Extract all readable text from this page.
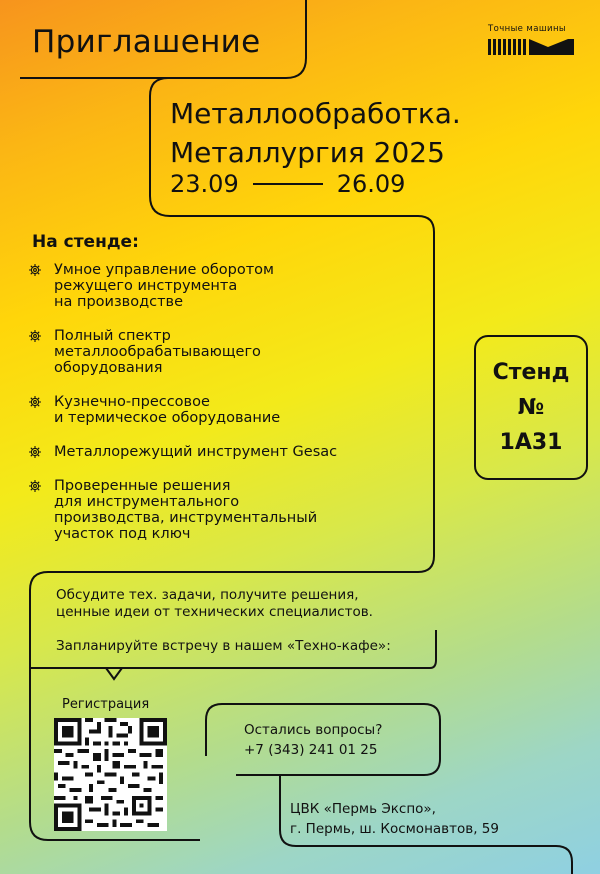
Приглашение	Точные машины
Металлообработка.
Металлургия 2025
23.09	26.09
На стенде:
Умное управление оборотом
режущего инструмента
на производстве
Полный спектр
металлообрабатывающего
оборудования
Кузнечно-прессовое
и термическое оборудование
Металлорежущий инструмент Gesac
Проверенные решения
для инструментального
производства, инструментальный
участок под ключ
Стенд
№
1А31
Обсудите тех. задачи, получите решения,
ценные идеи от технических специалистов.
Запланируйте встречу в нашем «Техно-кафе»:
Регистрация
Остались вопросы?
+7 (343) 241 01 25
ЦВК «Пермь Экспо»,
г. Пермь, ш. Космонавтов, 59
